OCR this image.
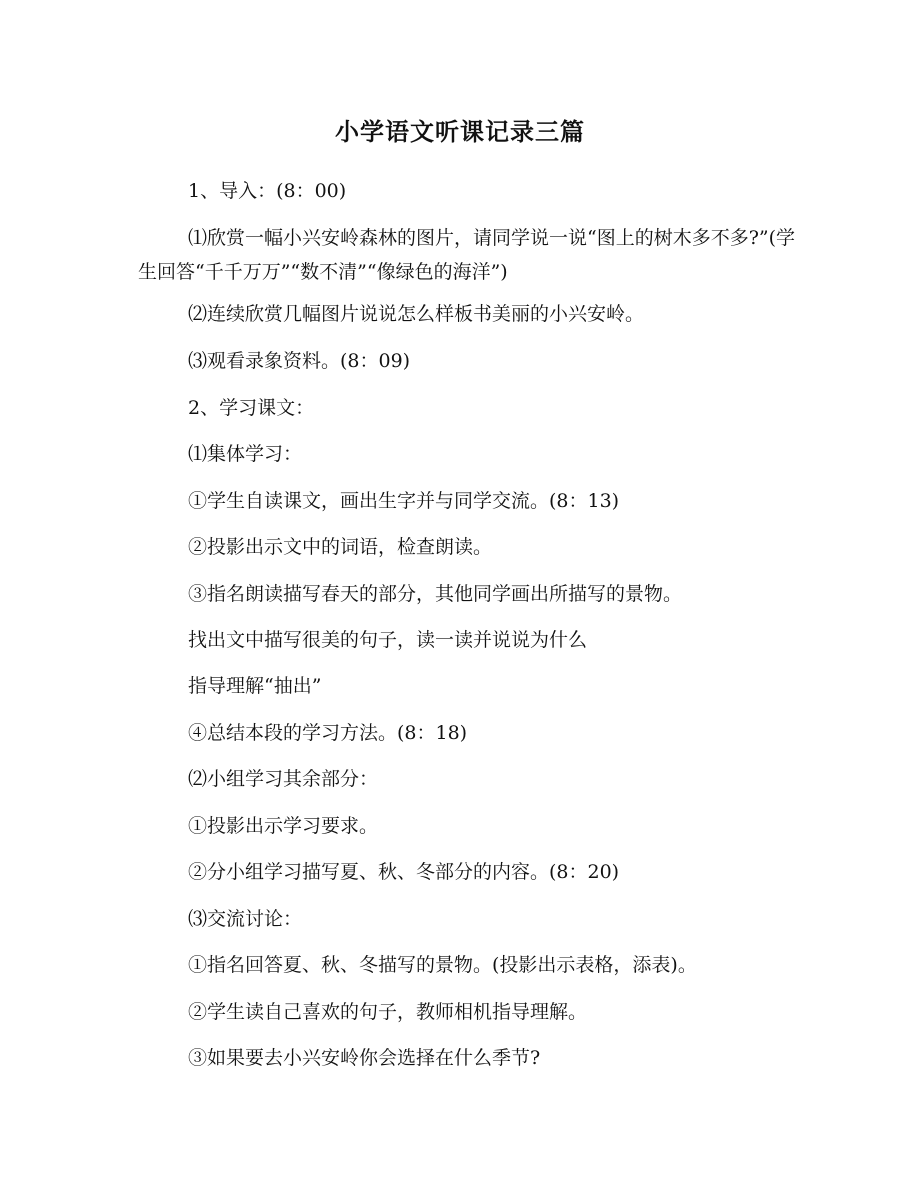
小学语文听课记录三篇

1、导入：(8：00)

⑴欣赏一幅小兴安岭森林的图片，请同学说一说“图上的树木多不多?”(学生回答“千千万万”“数不清”“像绿色的海洋”)

⑵连续欣赏几幅图片说说怎么样板书美丽的小兴安岭。

⑶观看录象资料。(8：09)

2、学习课文：

⑴集体学习：

①学生自读课文，画出生字并与同学交流。(8：13)

②投影出示文中的词语，检查朗读。

③指名朗读描写春天的部分，其他同学画出所描写的景物。

找出文中描写很美的句子，读一读并说说为什么

指导理解“抽出”

④总结本段的学习方法。(8：18)

⑵小组学习其余部分：

①投影出示学习要求。

②分小组学习描写夏、秋、冬部分的内容。(8：20)

⑶交流讨论：

①指名回答夏、秋、冬描写的景物。(投影出示表格，添表)。

②学生读自己喜欢的句子，教师相机指导理解。

③如果要去小兴安岭你会选择在什么季节?
